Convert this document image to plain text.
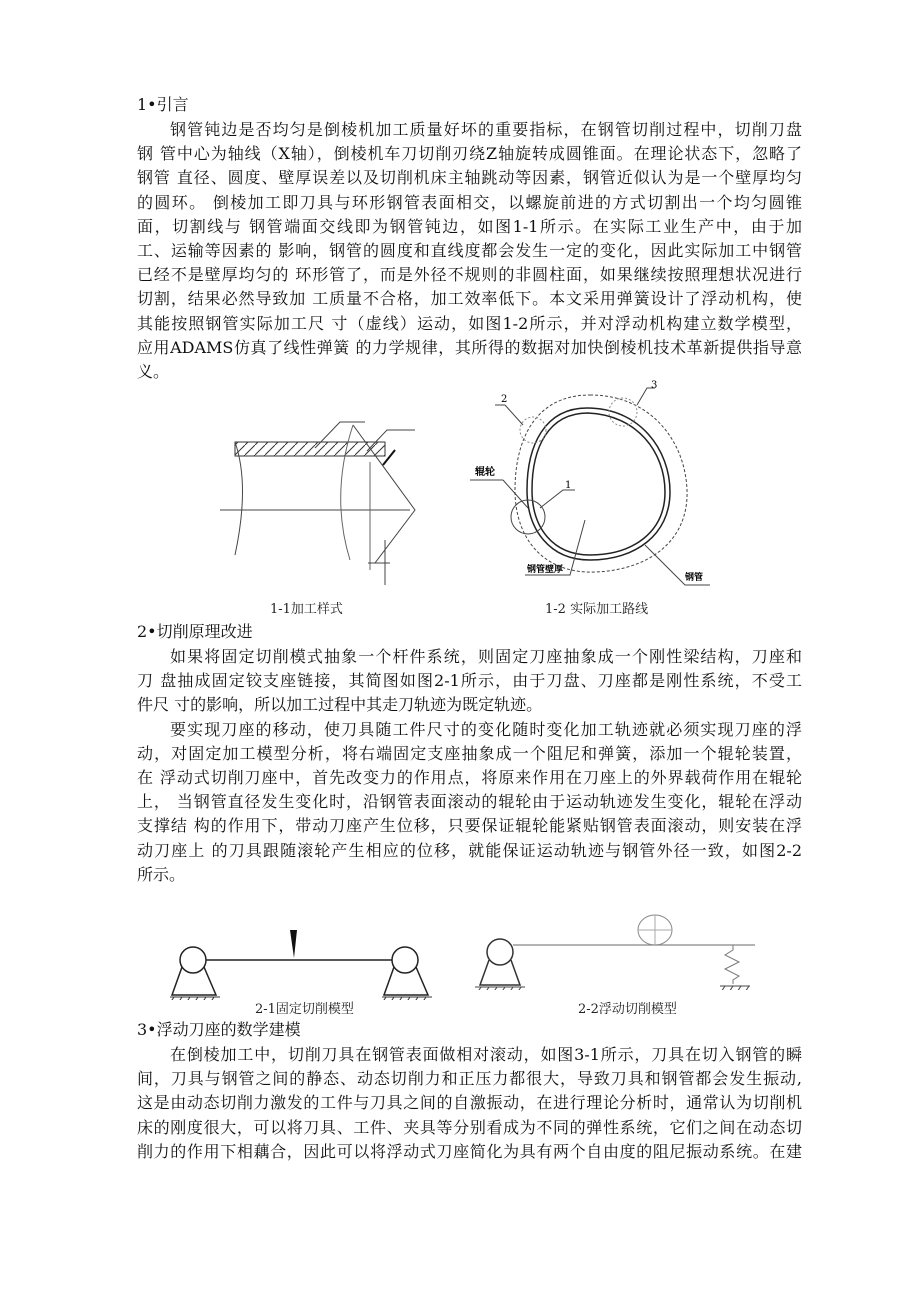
1•引言
钢管钝边是否均匀是倒棱机加工质量好坏的重要指标，在钢管切削过程中，切削刀盘
钢 管中心为轴线（X轴），倒棱机车刀切削刃绕Z轴旋转成圆锥面。在理论状态下，忽略了
钢管 直径、圆度、壁厚误差以及切削机床主轴跳动等因素，钢管近似认为是一个壁厚均匀
的圆环。 倒棱加工即刀具与环形钢管表面相交，以螺旋前进的方式切割出一个均匀圆锥
面，切割线与 钢管端面交线即为钢管钝边，如图1-1所示。在实际工业生产中，由于加
工、运输等因素的 影响，钢管的圆度和直线度都会发生一定的变化，因此实际加工中钢管
已经不是壁厚均匀的 环形管了，而是外径不规则的非圆柱面，如果继续按照理想状况进行
切割，结果必然导致加 工质量不合格，加工效率低下。本文采用弹簧设计了浮动机构，使
其能按照钢管实际加工尺 寸（虚线）运动，如图1-2所示，并对浮动机构建立数学模型，
应用ADAMS仿真了线性弹簧 的力学规律，其所得的数据对加快倒棱机技术革新提供指导意
义。
辊轮
钢管壁厚
钢管
1
2
3
1-1加工样式	1-2 实际加工路线
2•切削原理改进
如果将固定切削模式抽象一个杆件系统，则固定刀座抽象成一个刚性梁结构，刀座和
刀 盘抽成固定铰支座链接，其简图如图2-1所示，由于刀盘、刀座都是刚性系统，不受工
件尺 寸的影响，所以加工过程中其走刀轨迹为既定轨迹。
要实现刀座的移动，使刀具随工件尺寸的变化随时变化加工轨迹就必须实现刀座的浮
动，对固定加工模型分析，将右端固定支座抽象成一个阻尼和弹簧，添加一个辊轮装置，
在 浮动式切削刀座中，首先改变力的作用点，将原来作用在刀座上的外界载荷作用在辊轮
上， 当钢管直径发生变化时，沿钢管表面滚动的辊轮由于运动轨迹发生变化，辊轮在浮动
支撑结 构的作用下，带动刀座产生位移，只要保证辊轮能紧贴钢管表面滚动，则安装在浮
动刀座上 的刀具跟随滚轮产生相应的位移，就能保证运动轨迹与钢管外径一致，如图2-2
所示。
2-1固定切削模型	2-2浮动切削模型
3•浮动刀座的数学建模
在倒棱加工中，切削刀具在钢管表面做相对滚动，如图3-1所示，刀具在切入钢管的瞬
间，刀具与钢管之间的静态、动态切削力和正压力都很大，导致刀具和钢管都会发生振动,
这是由动态切削力激发的工件与刀具之间的自激振动，在进行理论分析时，通常认为切削机
床的刚度很大，可以将刀具、工件、夹具等分别看成为不同的弹性系统，它们之间在动态切
削力的作用下相藕合，因此可以将浮动式刀座简化为具有两个自由度的阻尼振动系统。在建
